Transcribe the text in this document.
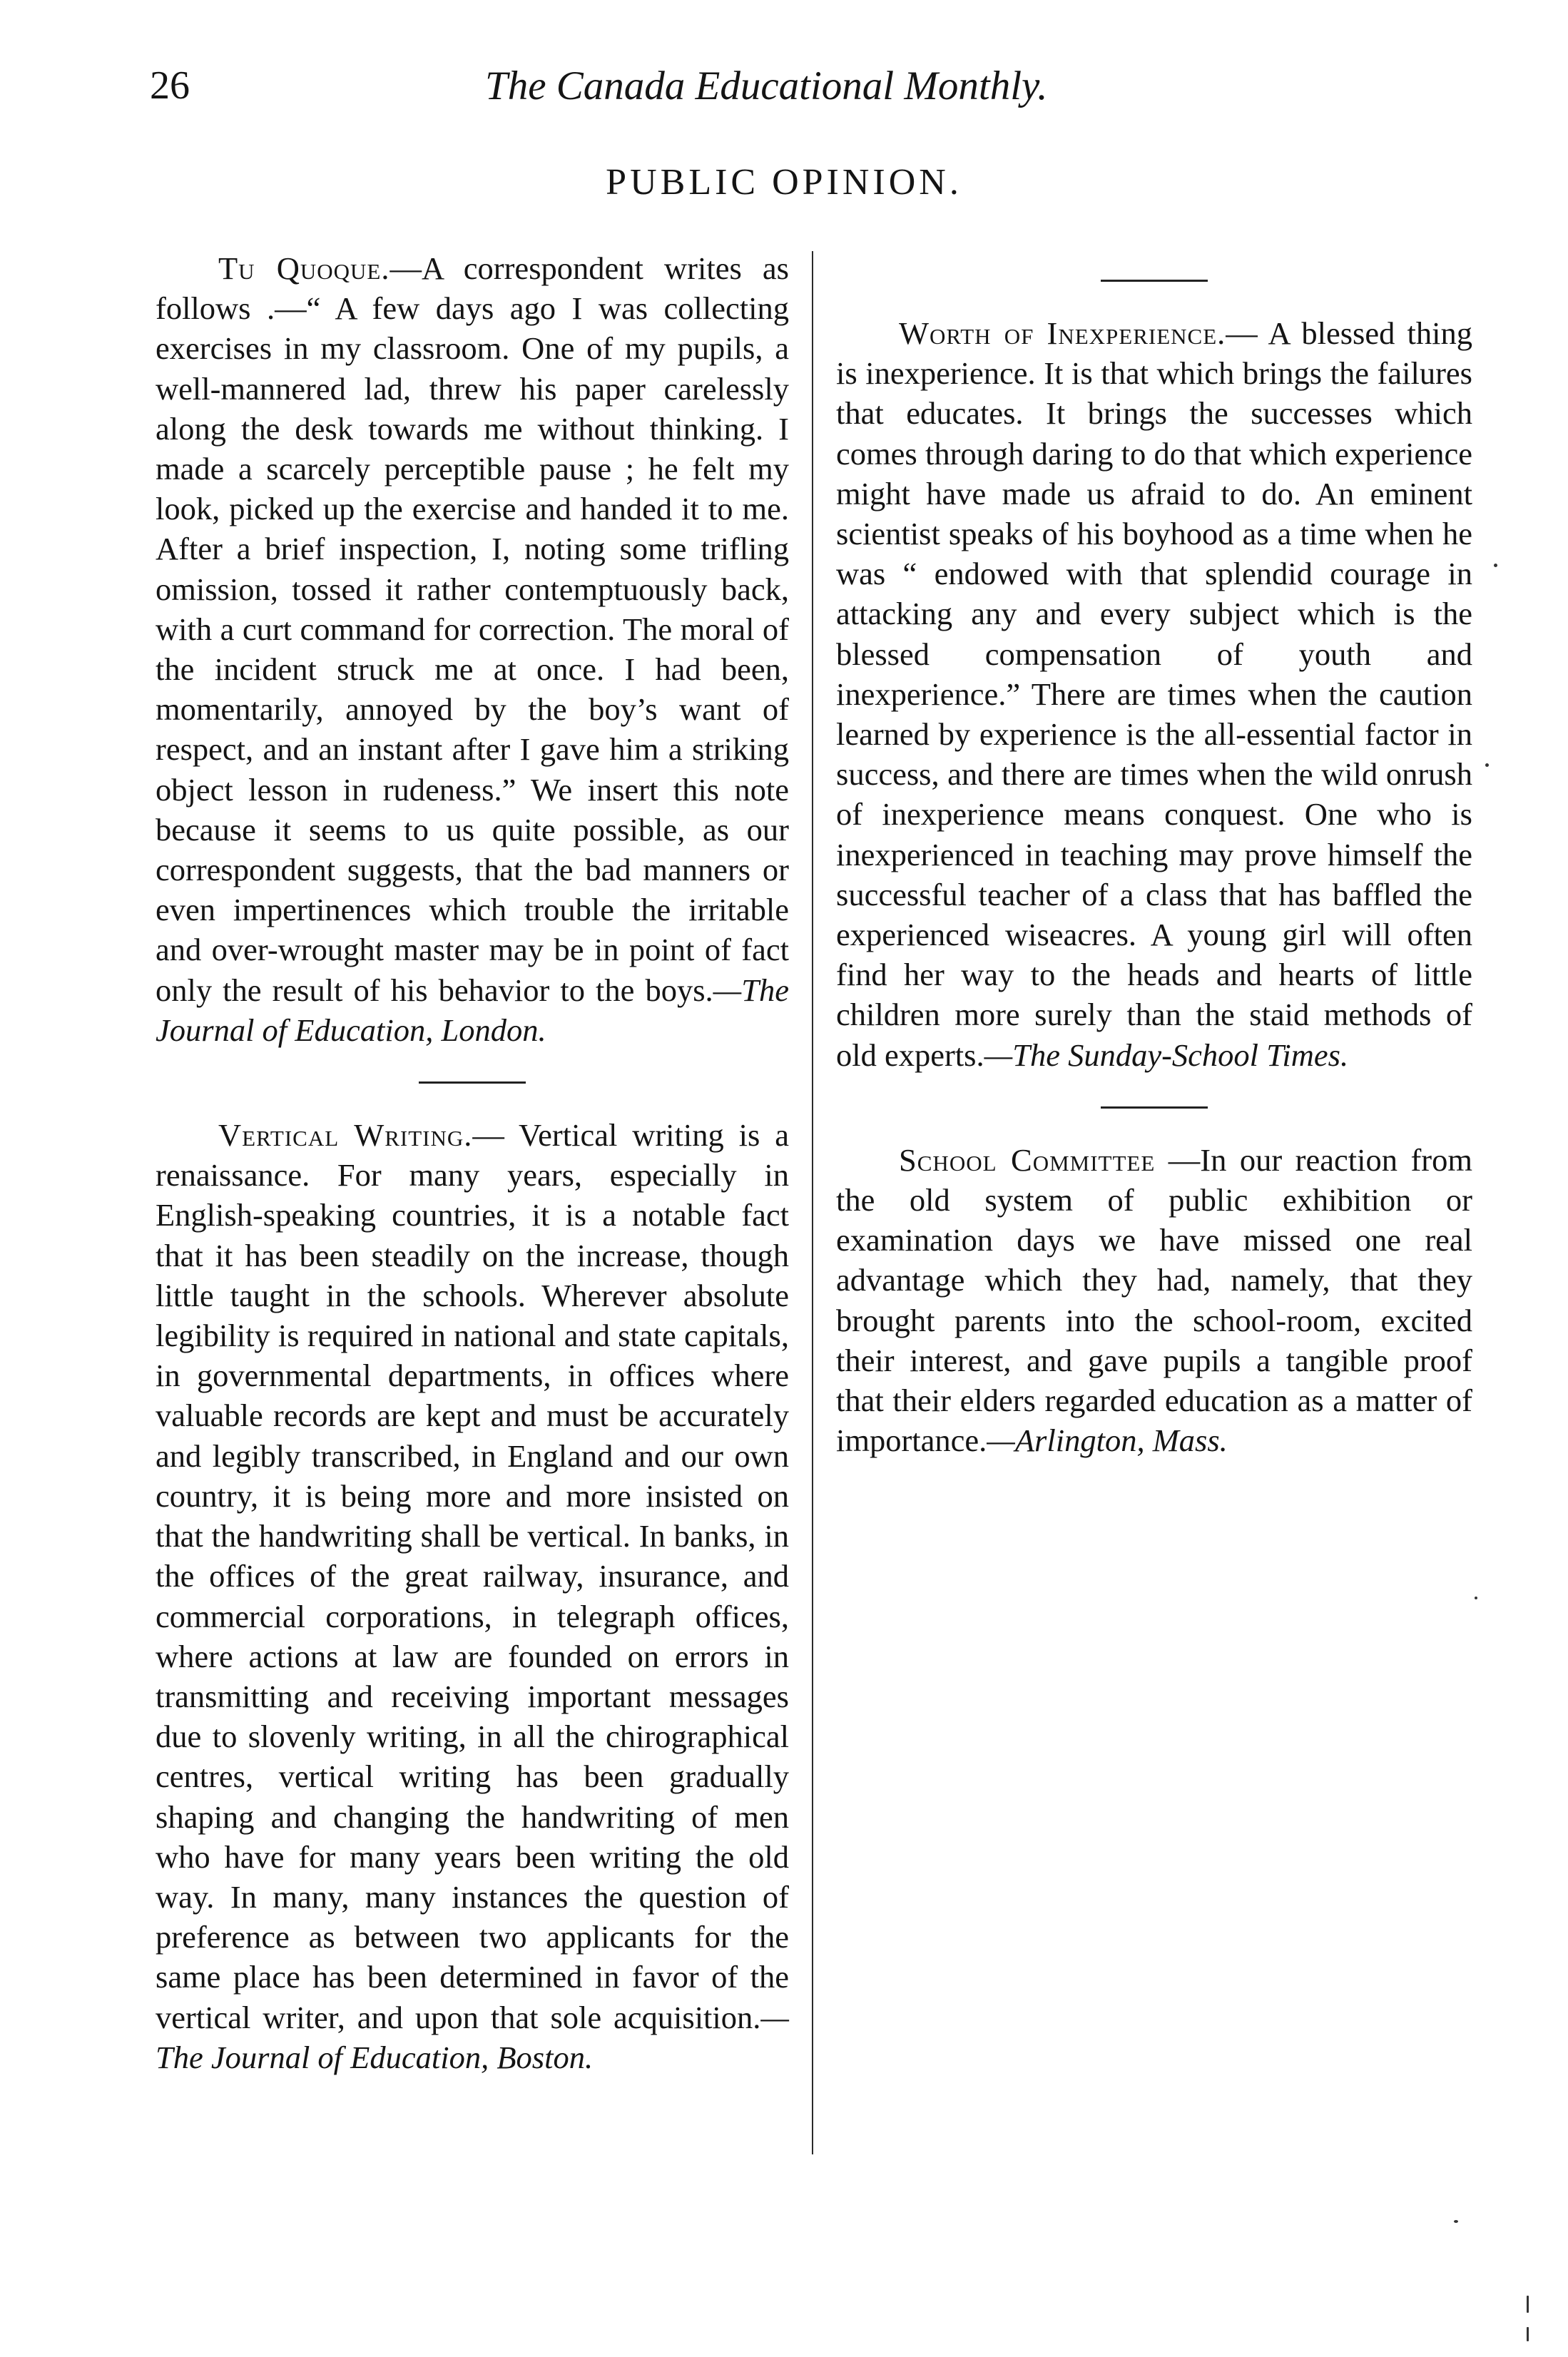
26	The Canada Educational Monthly.
PUBLIC OPINION.

Tu Quoque.—A correspondent writes as follows .—“ A few days ago I was collecting exercises in my classroom. One of my pupils, a well-mannered lad, threw his paper carelessly along the desk towards me without thinking. I made a scarcely perceptible pause ; he felt my look, picked up the exercise and handed it to me. After a brief inspection, I, noting some trifling omission, tossed it rather contemptuously back, with a curt command for correction. The moral of the incident struck me at once. I had been, momentarily, annoyed by the boy’s want of respect, and an instant after I gave him a striking object lesson in rudeness.” We insert this note because it seems to us quite possible, as our correspondent suggests, that the bad manners or even impertinences which trouble the irritable and over-wrought master may be in point of fact only the result of his behavior to the boys.—The Journal of Education, London.

Vertical Writing.— Vertical writing is a renaissance. For many years, especially in English-speaking countries, it is a notable fact that it has been steadily on the increase, though little taught in the schools. Wherever absolute legibility is required in national and state capitals, in governmental departments, in offices where valuable records are kept and must be accurately and legibly transcribed, in England and our own country, it is being more and more insisted on that the handwriting shall be vertical. In banks, in the offices of the great railway, insurance, and commercial corporations, in telegraph offices, where actions at law are founded on errors in transmitting and receiving important messages due to slovenly writing, in all the chirographical centres, vertical writing has been gradually shaping and changing the handwriting of men who have for many years been writing the old way. In many, many instances the question of preference as between two applicants for the same place has been determined in favor of the vertical writer, and upon that sole acquisition.—The Journal of Education, Boston.

Worth of Inexperience.— A blessed thing is inexperience. It is that which brings the failures that educates. It brings the successes which comes through daring to do that which experience might have made us afraid to do. An eminent scientist speaks of his boyhood as a time when he was “ endowed with that splendid courage in attacking any and every subject which is the blessed compensation of youth and inexperience.” There are times when the caution learned by experience is the all-essential factor in success, and there are times when the wild onrush of inexperience means conquest. One who is inexperienced in teaching may prove himself the successful teacher of a class that has baffled the experienced wiseacres. A young girl will often find her way to the heads and hearts of little children more surely than the staid methods of old experts.—The Sunday-School Times.

School Committee —In our reaction from the old system of public exhibition or examination days we have missed one real advantage which they had, namely, that they brought parents into the school-room, excited their interest, and gave pupils a tangible proof that their elders regarded education as a matter of importance.—Arlington, Mass.
